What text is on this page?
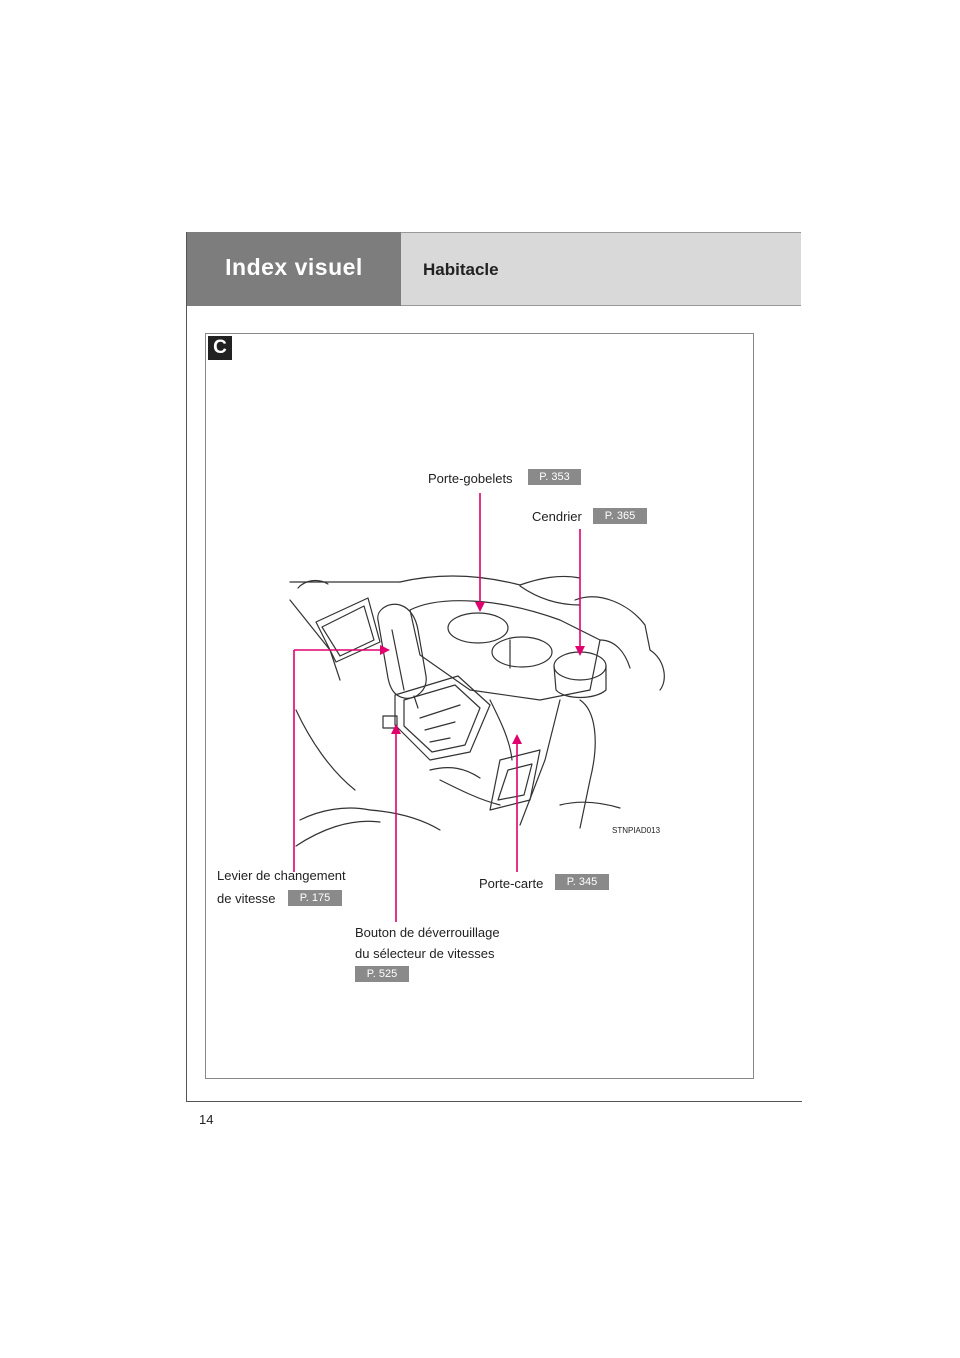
Index visuel	Habitacle
C
STNPIAD013
Porte-gobelets	P. 353
Cendrier	P. 365
Levier de changement
de vitesse	P. 175
Porte-carte	P. 345
Bouton de déverrouillage
du sélecteur de vitesses
P. 525
14
